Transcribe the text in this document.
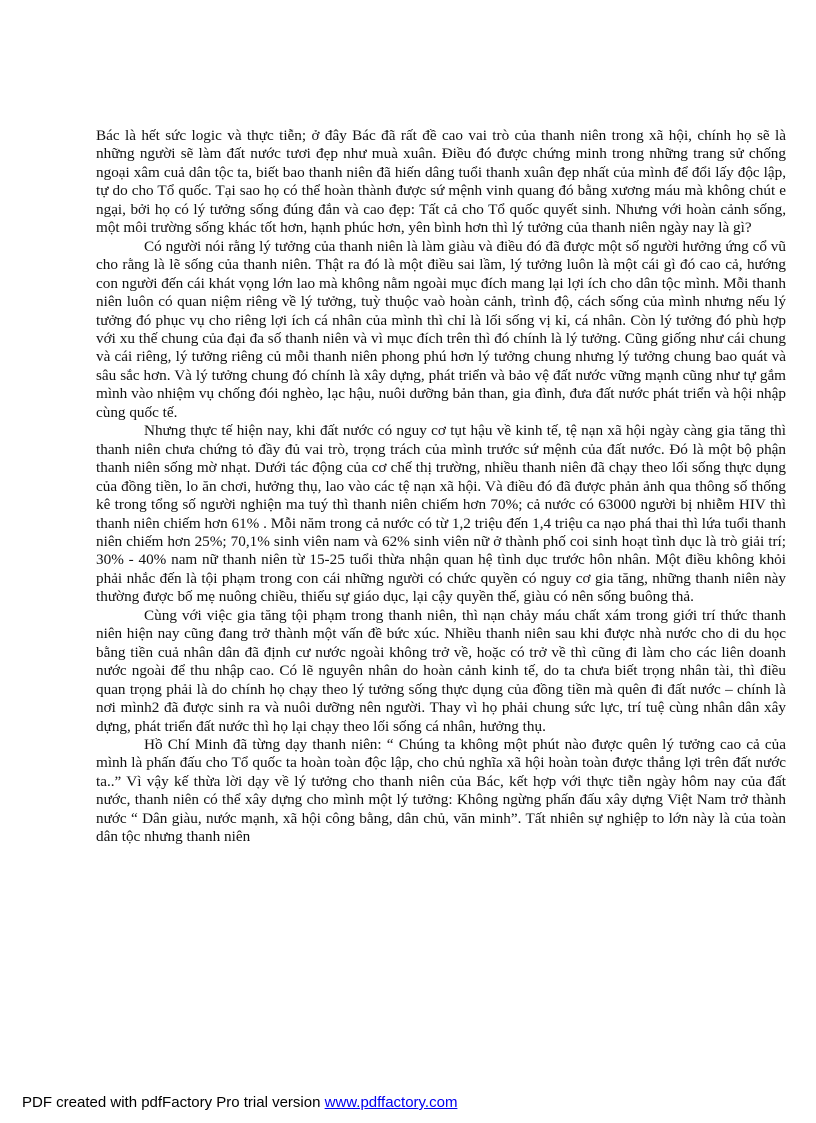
Bác là hết sức logic và thực tiễn; ở đây Bác đã rất đề cao vai trò của thanh niên trong xã hội, chính họ sẽ là những người sẽ làm đất nước tươi đẹp như muà xuân. Điều đó được chứng minh trong những trang sử chống ngoại xâm cuả dân tộc ta, biết bao thanh niên đã hiến dâng tuổi thanh xuân đẹp nhất của mình để đổi lấy độc lập, tự do cho Tổ quốc. Tại sao họ có thể hoàn thành được sứ mệnh vinh quang đó bằng xương máu mà không chút e ngại, bởi họ có lý tưởng sống đúng đắn và cao đẹp: Tất cả cho Tổ quốc quyết sinh. Nhưng với hoàn cảnh sống, một môi trường sống khác tốt hơn, hạnh phúc hơn, yên bình hơn thì lý tưởng của thanh niên ngày nay là gì?

Có người nói rằng lý tưởng của thanh niên là làm giàu và điều đó đã được một số người hưởng ứng cổ vũ cho rằng là lẽ sống của thanh niên. Thật ra đó là một điều sai lầm, lý tưởng luôn là một cái gì đó cao cả, hướng con người đến cái khát vọng lớn lao mà không nằm ngoài mục đích mang lại lợi ích cho dân tộc mình. Mỗi thanh niên luôn có quan niệm riêng về lý tưởng, tuỳ thuộc vaò hoàn cảnh, trình độ, cách sống của mình nhưng nếu lý tưởng đó phục vụ cho riêng lợi ích cá nhân của mình thì chỉ là lối sống vị kỉ, cá nhân. Còn lý tưởng đó phù hợp với xu thế chung của đại đa số thanh niên và vì mục đích trên thì đó chính là lý tưởng. Cũng giống như cái chung và cái riêng, lý tưởng riêng củ mỗi thanh niên phong phú hơn lý tưởng chung nhưng lý tưởng chung bao quát và sâu sắc hơn. Và lý tưởng chung đó chính là xây dựng, phát triển và bảo vệ đất nước vững mạnh cũng như tự gắm mình vào nhiệm vụ chống đói nghèo, lạc hậu, nuôi dưỡng bản than, gia đình, đưa đất nước phát triển và hội nhập cùng quốc tế.

Nhưng thực tế hiện nay, khi đất nước có nguy cơ tụt hậu về kinh tế, tệ nạn xã hội ngày càng gia tăng thì thanh niên chưa chứng tỏ đầy đủ vai trò, trọng trách của mình trước sứ mệnh của đất nước. Đó là một bộ phận thanh niên sống mờ nhạt. Dưới tác động của cơ chế thị trường, nhiều thanh niên đã chạy theo lối sống thực dụng của đồng tiền, lo ăn chơi, hưởng thụ, lao vào các tệ nạn xã hội. Và điều đó đã được phản ảnh qua thông số thống kê trong tổng số người nghiện ma tuý thì thanh niên chiếm hơn 70%; cả nước có 63000 người bị nhiễm HIV thì thanh niên chiếm hơn 61% . Mỗi năm trong cả nước có từ 1,2 triệu đến 1,4 triệu ca nạo phá thai thì lứa tuổi thanh niên chiếm hơn 25%; 70,1% sinh viên nam và 62% sinh viên nữ ở thành phố coi sinh hoạt tình dục là trò giải trí; 30% - 40% nam nữ thanh niên từ 15-25 tuổi thừa nhận quan hệ tình dục trước hôn nhân. Một điều không khỏi phải nhắc đến là tội phạm trong con cái những người có chức quyền có nguy cơ gia tăng, những thanh niên này thường được bố mẹ nuông chiều, thiếu sự giáo dục, lại cậy quyền thế, giàu có nên sống buông thả.

Cùng với việc gia tăng tội phạm trong thanh niên, thì nạn chảy máu chất xám trong giới trí thức thanh niên hiện nay cũng đang trở thành một vấn đề bức xúc. Nhiều thanh niên sau khi được nhà nước cho di du học bằng tiền cuả nhân dân đã định cư nước ngoài không trở về, hoặc có trở về thì cũng đi làm cho các liên doanh nước ngoài để thu nhập cao. Có lẽ nguyên nhân do hoàn cảnh kinh tế, do ta chưa biết trọng nhân tài, thì điều quan trọng phải là do chính họ chạy theo lý tưởng sống thực dụng của đồng tiền mà quên đi đất nước – chính là nơi mình2 đã được sinh ra và nuôi dưỡng nên người. Thay vì họ phải chung sức lực, trí tuệ cùng nhân dân xây dựng, phát triển đất nước thì họ lại chạy theo lối sống cá nhân, hưởng thụ.

Hồ Chí Minh đã từng dạy thanh niên: “ Chúng ta không một phút nào được quên lý tưởng cao cả của mình là phấn đấu cho Tổ quốc ta hoàn toàn độc lập, cho chủ nghĩa xã hội hoàn toàn được thắng lợi trên đất nước ta..” Vì vậy kế thừa lời dạy về lý tưởng cho thanh niên của Bác, kết hợp với thực tiễn ngày hôm nay của đất nước, thanh niên có thể xây dựng cho mình một lý tưởng: Không ngừng phấn đấu xây dựng Việt Nam trở thành nước “ Dân giàu, nước mạnh, xã hội công bằng, dân chủ, văn minh”. Tất nhiên sự nghiệp to lớn này là của toàn dân tộc nhưng thanh niên

PDF created with pdfFactory Pro trial version www.pdffactory.com
